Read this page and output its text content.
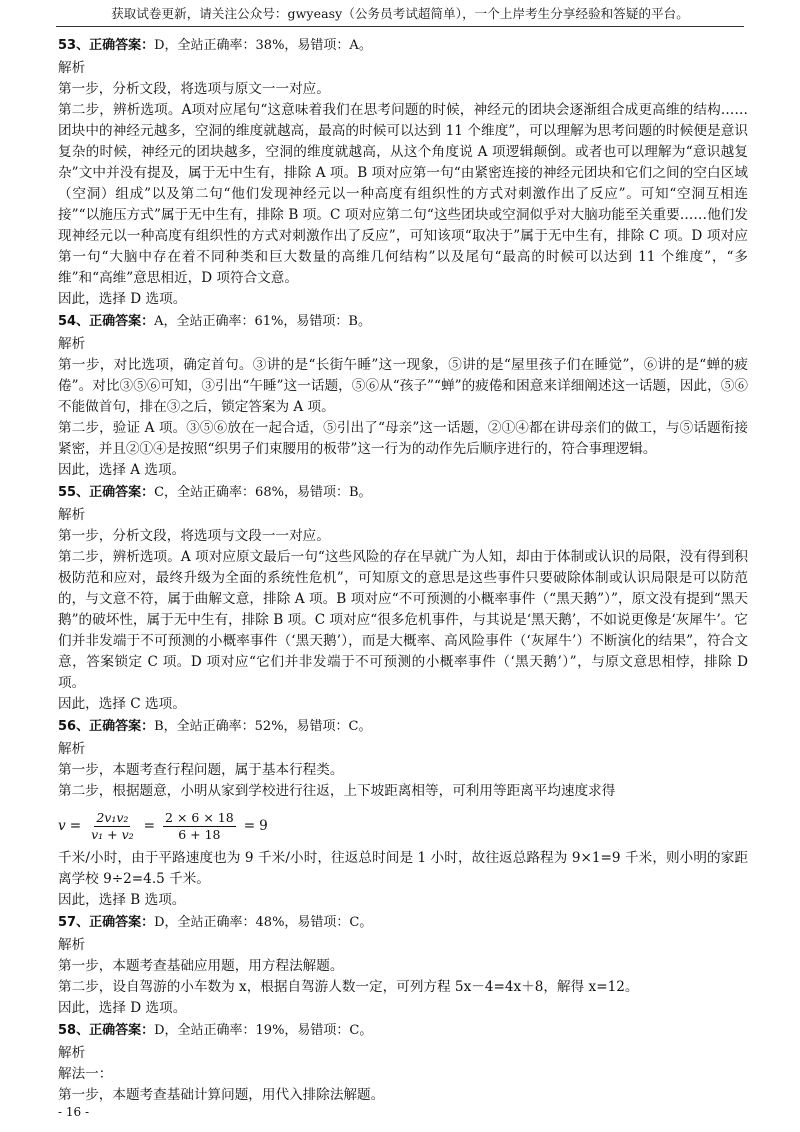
获取试卷更新，请关注公众号：gwyeasy（公务员考试超简单），一个上岸考生分享经验和答疑的平台。

53、正确答案：D，全站正确率：38%，易错项：A。

解析

第一步，分析文段，将选项与原文一一对应。

第二步，辨析选项。A项对应尾句“这意味着我们在思考问题的时候，神经元的团块会逐渐组合成更高维的结构……团块中的神经元越多，空洞的维度就越高，最高的时候可以达到 11 个维度”，可以理解为思考问题的时候便是意识复杂的时候，神经元的团块越多，空洞的维度就越高，从这个角度说 A 项逻辑颠倒。或者也可以理解为“意识越复杂”文中并没有提及，属于无中生有，排除 A 项。B 项对应第一句“由紧密连接的神经元团块和它们之间的空白区域（空洞）组成”以及第二句“他们发现神经元以一种高度有组织性的方式对刺激作出了反应”。可知“空洞互相连接”“以施压方式”属于无中生有，排除 B 项。C 项对应第二句“这些团块或空洞似乎对大脑功能至关重要……他们发现神经元以一种高度有组织性的方式对刺激作出了反应”，可知该项“取决于”属于无中生有，排除 C 项。D 项对应第一句“大脑中存在着不同种类和巨大数量的高维几何结构”以及尾句“最高的时候可以达到 11 个维度”，“多维”和“高维”意思相近，D 项符合文意。

因此，选择 D 选项。

54、正确答案：A，全站正确率：61%，易错项：B。

解析

第一步，对比选项，确定首句。③讲的是“长街午睡”这一现象，⑤讲的是“屋里孩子们在睡觉”，⑥讲的是“蝉的疲倦”。对比③⑤⑥可知，③引出“午睡”这一话题，⑤⑥从“孩子”“蝉”的疲倦和困意来详细阐述这一话题，因此，⑤⑥不能做首句，排在③之后，锁定答案为 A 项。

第二步，验证 A 项。③⑤⑥放在一起合适，⑤引出了“母亲”这一话题，②①④都在讲母亲们的做工，与⑤话题衔接紧密，并且②①④是按照“织男子们束腰用的板带”这一行为的动作先后顺序进行的，符合事理逻辑。

因此，选择 A 选项。

55、正确答案：C，全站正确率：68%，易错项：B。

解析

第一步，分析文段，将选项与文段一一对应。

第二步，辨析选项。A 项对应原文最后一句“这些风险的存在早就广为人知，却由于体制或认识的局限，没有得到积极防范和应对，最终升级为全面的系统性危机”，可知原文的意思是这些事件只要破除体制或认识局限是可以防范的，与文意不符，属于曲解文意，排除 A 项。B 项对应“不可预测的小概率事件（“黑天鹅”）”，原文没有提到“黑天鹅”的破坏性，属于无中生有，排除 B 项。C 项对应“很多危机事件，与其说是‘黑天鹅’，不如说更像是‘灰犀牛’。它们并非发端于不可预测的小概率事件（‘黑天鹅’），而是大概率、高风险事件（‘灰犀牛’）不断演化的结果”，符合文意，答案锁定 C 项。D 项对应“它们并非发端于不可预测的小概率事件（‘黑天鹅’）”，与原文意思相悖，排除 D 项。

因此，选择 C 选项。

56、正确答案：B，全站正确率：52%，易错项：C。

解析

第一步，本题考查行程问题，属于基本行程类。

第二步，根据题意，小明从家到学校进行往返，上下坡距离相等，可利用等距离平均速度求得

$v = \frac{\text{2v₁v₂}}{\text{v₁ + v₂}} = \frac{2 \times 6 \times 18}{6 + 18} = 9$

千米/小时，由于平路速度也为 9 千米/小时，往返总时间是 1 小时，故往返总路程为 9×1=9 千米，则小明的家距离学校 9÷2=4.5 千米。

因此，选择 B 选项。

57、正确答案：D，全站正确率：48%，易错项：C。

解析

第一步，本题考查基础应用题，用方程法解题。

第二步，设自驾游的小车数为 x，根据自驾游人数一定，可列方程 5x－4=4x＋8，解得 x=12。

因此，选择 D 选项。

58、正确答案：D，全站正确率：19%，易错项：C。

解析

解法一：

第一步，本题考查基础计算问题，用代入排除法解题。

- 16 -
